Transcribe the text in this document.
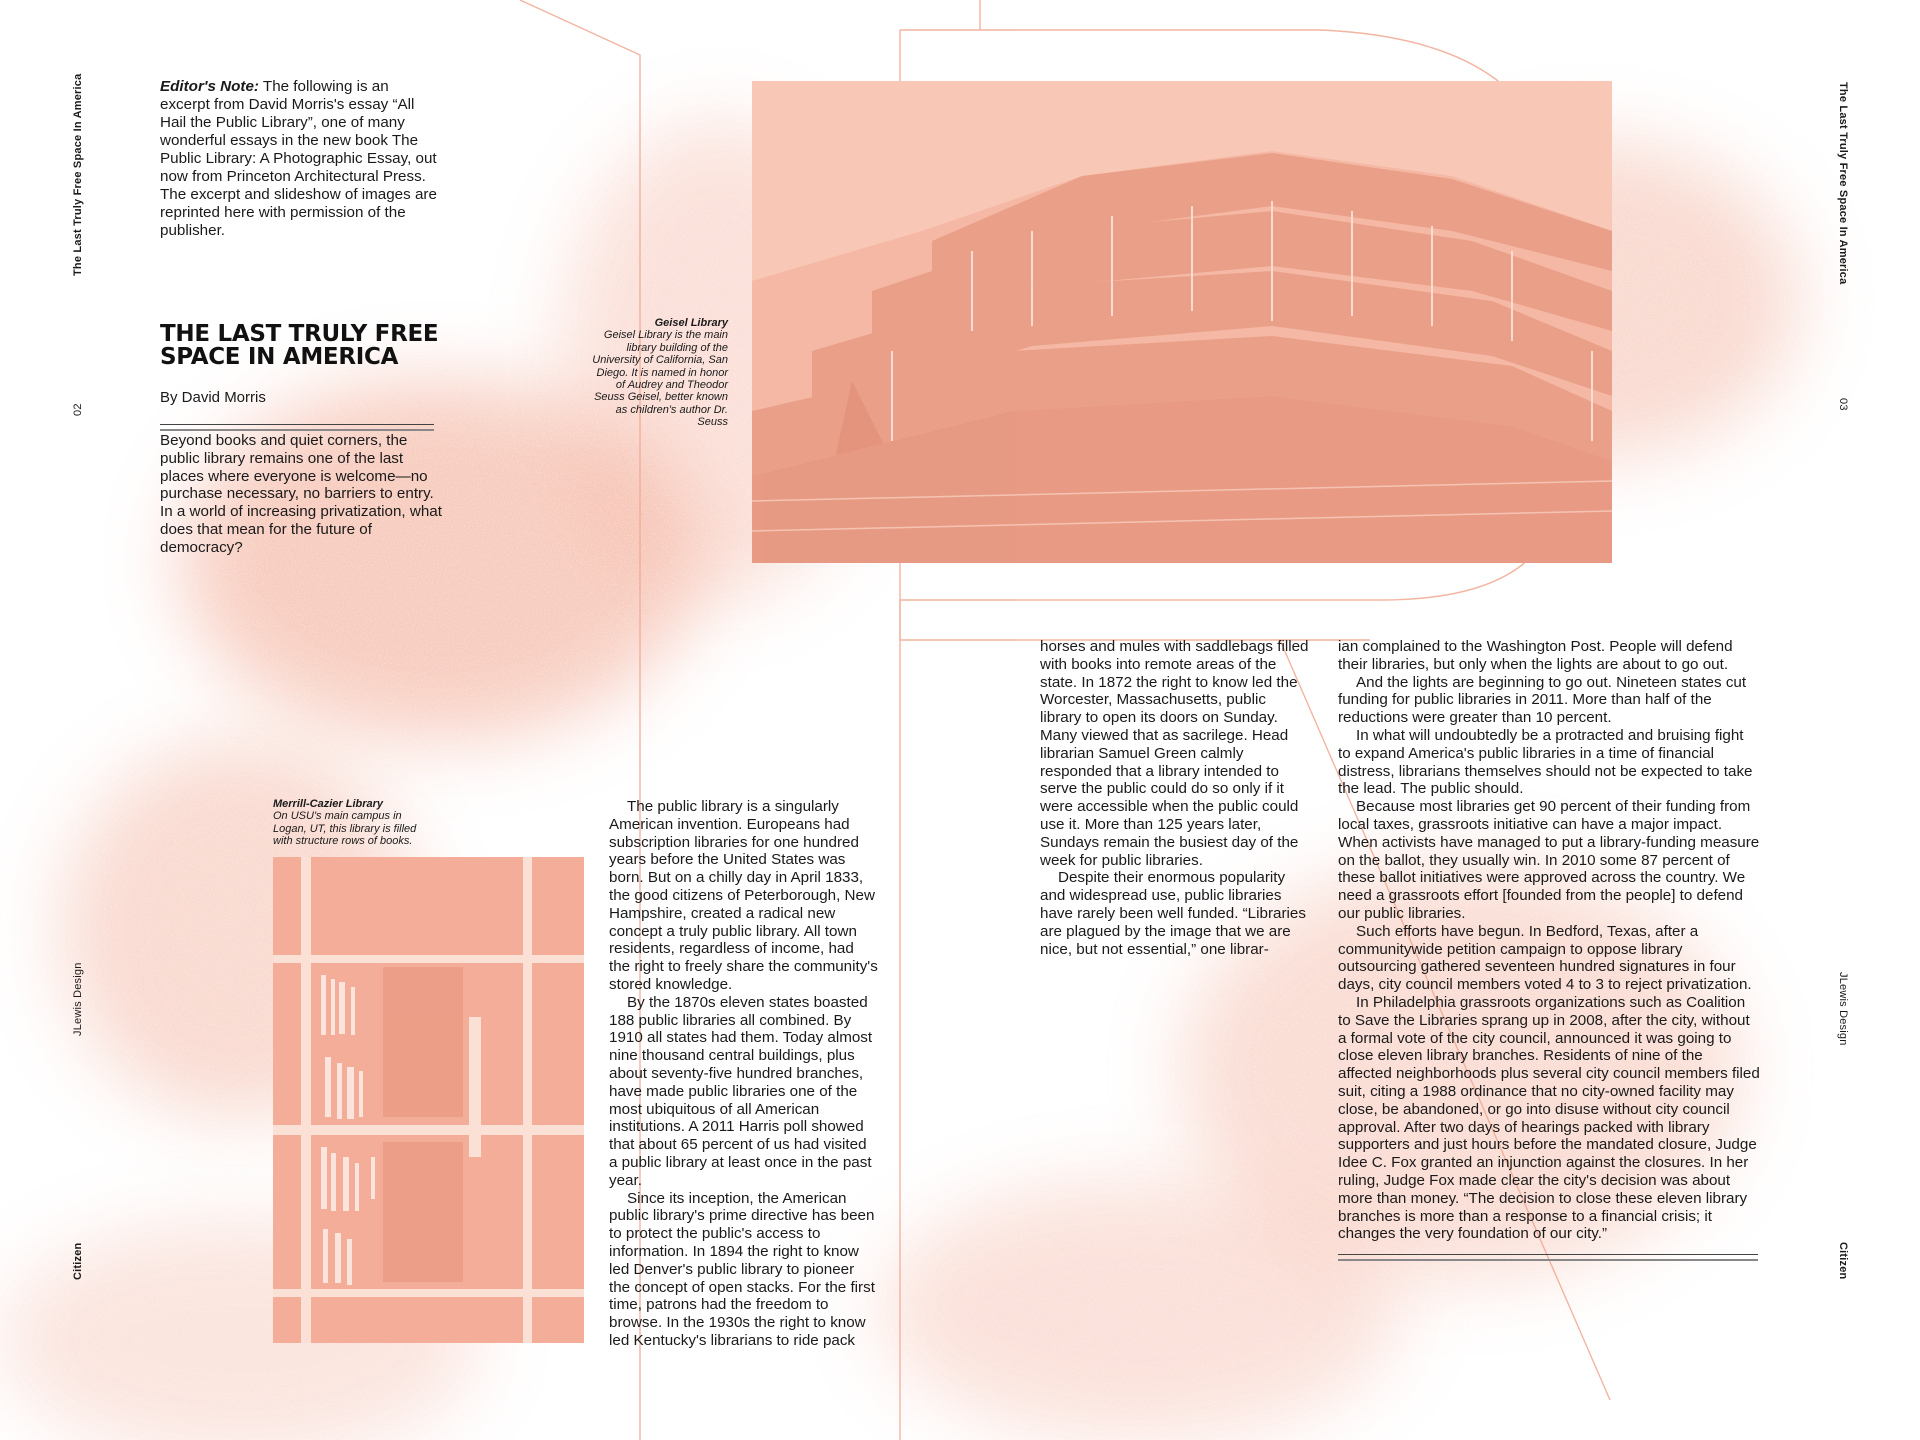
The Last Truly Free Space In America
02
JLewis Design
Citizen
The Last Truly Free Space In America
03
JLewis Design
Citizen
Editor's Note: The following is an excerpt from David Morris's essay “All Hail the Public Library”, one of many wonderful essays in the new book The Public Library: A Photographic Essay, out now from Princeton Architectural Press. The excerpt and slideshow of images are reprinted here with permission of the publisher.
THE LAST TRULY FREE SPACE IN AMERICA
By David Morris
Beyond books and quiet corners, the public library remains one of the last places where everyone is welcome—no purchase necessary, no barriers to entry. In a world of increasing privatization, what does that mean for the future of democracy?
Geisel Library
Geisel Library is the main library building of the University of California, San Diego. It is named in honor of Audrey and Theodor Seuss Geisel, better known as children's author Dr. Seuss
Merrill-Cazier Library
On USU's main campus in Logan, UT, this library is filled with structure rows of books.

The public library is a singularly American invention. Europeans had subscription libraries for one hundred years before the United States was born. But on a chilly day in April 1833, the good citizens of Peterborough, New Hampshire, created a radical new concept a truly public library. All town residents, regardless of income, had the right to freely share the community's stored knowledge.

By the 1870s eleven states boasted 188 public libraries all combined. By 1910 all states had them. Today almost nine thousand central buildings, plus about seventy-five hundred branches, have made public libraries one of the most ubiquitous of all American institutions. A 2011 Harris poll showed that about 65 percent of us had visited a public library at least once in the past year.

Since its inception, the American public library's prime directive has been to protect the public's access to information. In 1894 the right to know led Denver's public library to pioneer the concept of open stacks. For the first time, patrons had the freedom to browse. In the 1930s the right to know led Kentucky's librarians to ride pack

horses and mules with saddlebags filled with books into remote areas of the state. In 1872 the right to know led the Worcester, Massachusetts, public library to open its doors on Sunday. Many viewed that as sacrilege. Head librarian Samuel Green calmly responded that a library intended to serve the public could do so only if it were accessible when the public could use it. More than 125 years later, Sundays remain the busiest day of the week for public libraries.

Despite their enormous popularity and widespread use, public libraries have rarely been well funded. “Libraries are plagued by the image that we are nice, but not essential,” one librar-

ian complained to the Washington Post. People will defend their libraries, but only when the lights are about to go out.

And the lights are beginning to go out. Nineteen states cut funding for public libraries in 2011. More than half of the reductions were greater than 10 percent.

In what will undoubtedly be a protracted and bruising fight to expand America's public libraries in a time of financial distress, librarians themselves should not be expected to take the lead. The public should.

Because most libraries get 90 percent of their funding from local taxes, grassroots initiative can have a major impact. When activists have managed to put a library-funding measure on the ballot, they usually win. In 2010 some 87 percent of these ballot initiatives were approved across the country. We need a grassroots effort [founded from the people] to defend our public libraries.

Such efforts have begun. In Bedford, Texas, after a communitywide petition campaign to oppose library outsourcing gathered seventeen hundred signatures in four days, city council members voted 4 to 3 to reject privatization.

In Philadelphia grassroots organizations such as Coalition to Save the Libraries sprang up in 2008, after the city, without a formal vote of the city council, announced it was going to close eleven library branches. Residents of nine of the affected neighborhoods plus several city council members filed suit, citing a 1988 ordinance that no city-owned facility may close, be abandoned, or go into disuse without city council approval. After two days of hearings packed with library supporters and just hours before the mandated closure, Judge Idee C. Fox granted an injunction against the closures. In her ruling, Judge Fox made clear the city's decision was about more than money. “The decision to close these eleven library branches is more than a response to a financial crisis; it changes the very foundation of our city.”
